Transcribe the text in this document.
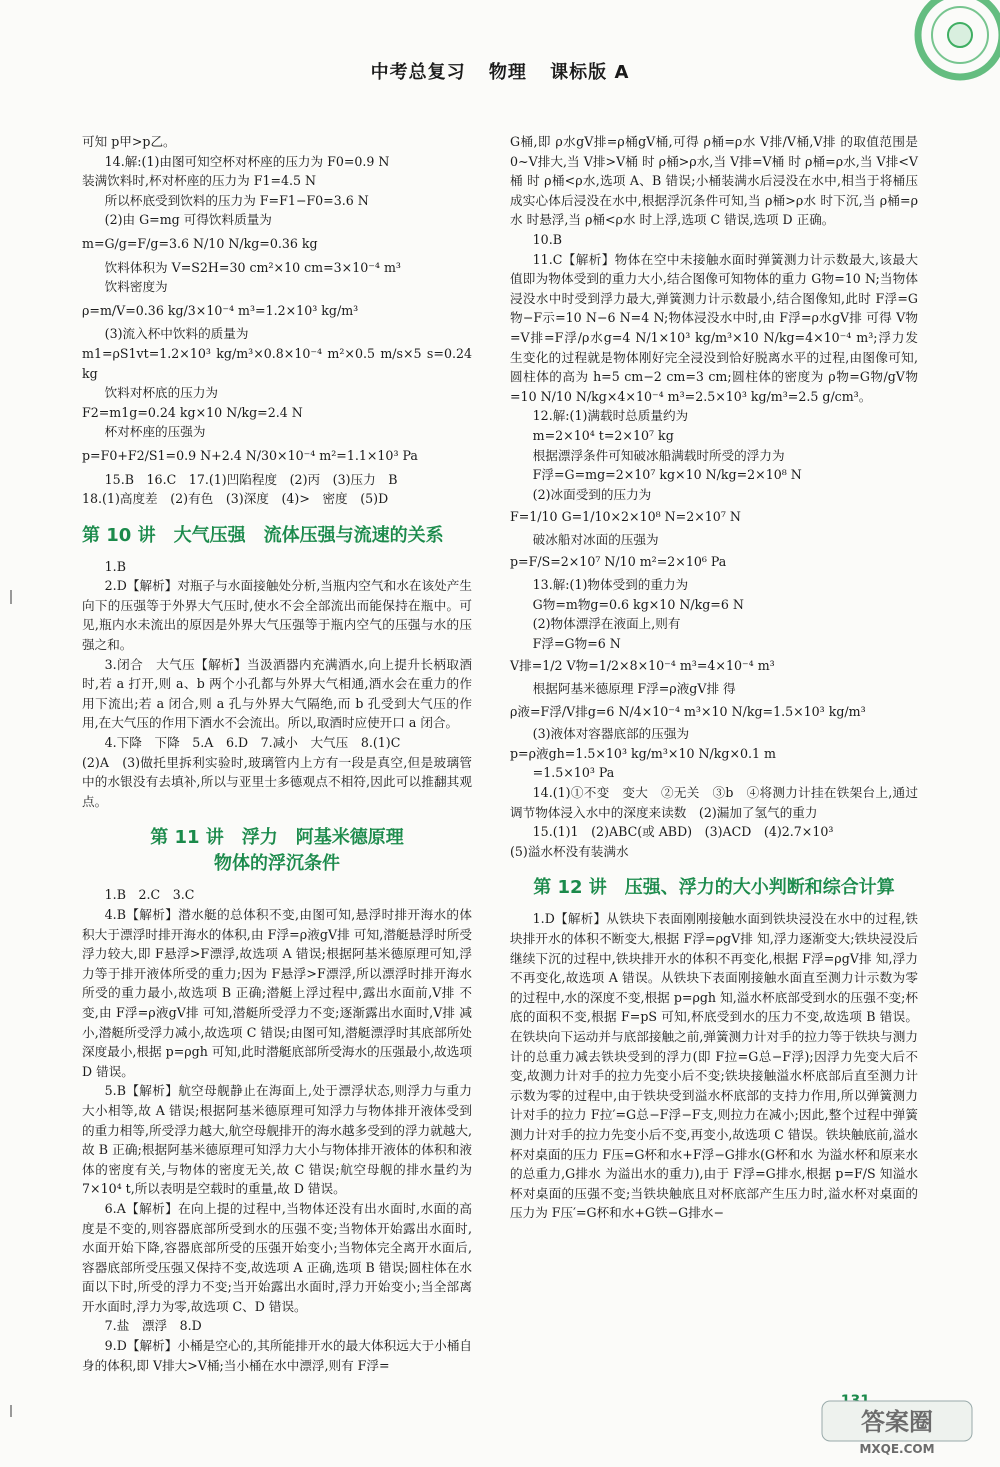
中考总复习 物理 课标版 A

可知 p甲>p乙。

14.解:(1)由图可知空杯对杯座的压力为 F0=0.9 N

装满饮料时,杯对杯座的压力为 F1=4.5 N

所以杯底受到饮料的压力为 F=F1−F0=3.6 N

(2)由 G=mg 可得饮料质量为

m=G/g=F/g=3.6 N/10 N/kg=0.36 kg

饮料体积为 V=S2H=30 cm²×10 cm=3×10⁻⁴ m³

饮料密度为

ρ=m/V=0.36 kg/3×10⁻⁴ m³=1.2×10³ kg/m³

(3)流入杯中饮料的质量为

m1=ρS1vt=1.2×10³ kg/m³×0.8×10⁻⁴ m²×0.5 m/s×5 s=0.24 kg

饮料对杯底的压力为

F2=m1g=0.24 kg×10 N/kg=2.4 N

杯对杯座的压强为

p=F0+F2/S1=0.9 N+2.4 N/30×10⁻⁴ m²=1.1×10³ Pa

15.B　16.C　17.(1)凹陷程度　(2)丙　(3)压力　B

18.(1)高度差　(2)有色　(3)深度　(4)>　密度　(5)D

第 10 讲　大气压强　流体压强与流速的关系

1.B

2.D【解析】对瓶子与水面接触处分析,当瓶内空气和水在该处产生向下的压强等于外界大气压时,使水不会全部流出而能保持在瓶中。可见,瓶内水未流出的原因是外界大气压强等于瓶内空气的压强与水的压强之和。

3.闭合　大气压【解析】当汲酒器内充满酒水,向上提升长柄取酒时,若 a 打开,则 a、b 两个小孔都与外界大气相通,酒水会在重力的作用下流出;若 a 闭合,则 a 孔与外界大气隔绝,而 b 孔受到大气压的作用,在大气压的作用下酒水不会流出。所以,取酒时应使开口 a 闭合。

4.下降　下降　5.A　6.D　7.减小　大气压　8.(1)C

(2)A　(3)做托里拆利实验时,玻璃管内上方有一段是真空,但是玻璃管中的水银没有去填补,所以与亚里士多德观点不相符,因此可以推翻其观点。

第 11 讲　浮力　阿基米德原理
物体的浮沉条件

1.B　2.C　3.C

4.B【解析】潜水艇的总体积不变,由图可知,悬浮时排开海水的体积大于漂浮时排开海水的体积,由 F浮=ρ液gV排 可知,潜艇悬浮时所受浮力较大,即 F悬浮>F漂浮,故选项 A 错误;根据阿基米德原理可知,浮力等于排开液体所受的重力;因为 F悬浮>F漂浮,所以漂浮时排开海水所受的重力最小,故选项 B 正确;潜艇上浮过程中,露出水面前,V排 不变,由 F浮=ρ液gV排 可知,潜艇所受浮力不变;逐渐露出水面时,V排 减小,潜艇所受浮力减小,故选项 C 错误;由图可知,潜艇漂浮时其底部所处深度最小,根据 p=ρgh 可知,此时潜艇底部所受海水的压强最小,故选项 D 错误。

5.B【解析】航空母舰静止在海面上,处于漂浮状态,则浮力与重力大小相等,故 A 错误;根据阿基米德原理可知浮力与物体排开液体受到的重力相等,所受浮力越大,航空母舰排开的海水越多受到的浮力就越大,故 B 正确;根据阿基米德原理可知浮力大小与物体排开液体的体积和液体的密度有关,与物体的密度无关,故 C 错误;航空母舰的排水量约为 7×10⁴ t,所以表明是空载时的重量,故 D 错误。

6.A【解析】在向上提的过程中,当物体还没有出水面时,水面的高度是不变的,则容器底部所受到水的压强不变;当物体开始露出水面时,水面开始下降,容器底部所受的压强开始变小;当物体完全离开水面后,容器底部所受压强又保持不变,故选项 A 正确,选项 B 错误;圆柱体在水面以下时,所受的浮力不变;当开始露出水面时,浮力开始变小;当全部离开水面时,浮力为零,故选项 C、D 错误。

7.盐　漂浮　8.D

9.D【解析】小桶是空心的,其所能排开水的最大体积远大于小桶自身的体积,即 V排大>V桶;当小桶在水中漂浮,则有 F浮=

G桶,即 ρ水gV排=ρ桶gV桶,可得 ρ桶=ρ水 V排/V桶,V排 的取值范围是 0~V排大,当 V排>V桶 时 ρ桶>ρ水,当 V排=V桶 时 ρ桶=ρ水,当 V排<V桶 时 ρ桶<ρ水,选项 A、B 错误;小桶装满水后浸没在水中,相当于将桶压成实心体后浸没在水中,根据浮沉条件可知,当 ρ桶>ρ水 时下沉,当 ρ桶=ρ水 时悬浮,当 ρ桶<ρ水 时上浮,选项 C 错误,选项 D 正确。

10.B

11.C【解析】物体在空中未接触水面时弹簧测力计示数最大,该最大值即为物体受到的重力大小,结合图像可知物体的重力 G物=10 N;当物体浸没水中时受到浮力最大,弹簧测力计示数最小,结合图像知,此时 F浮=G物−F示=10 N−6 N=4 N;物体浸没水中时,由 F浮=ρ水gV排 可得 V物=V排=F浮/ρ水g=4 N/1×10³ kg/m³×10 N/kg=4×10⁻⁴ m³;浮力发生变化的过程就是物体刚好完全浸没到恰好脱离水平的过程,由图像可知,圆柱体的高为 h=5 cm−2 cm=3 cm;圆柱体的密度为 ρ物=G物/gV物=10 N/10 N/kg×4×10⁻⁴ m³=2.5×10³ kg/m³=2.5 g/cm³。

12.解:(1)满载时总质量约为

m=2×10⁴ t=2×10⁷ kg

根据漂浮条件可知破冰船满载时所受的浮力为

F浮=G=mg=2×10⁷ kg×10 N/kg=2×10⁸ N

(2)冰面受到的压力为

F=1/10 G=1/10×2×10⁸ N=2×10⁷ N

破冰船对冰面的压强为

p=F/S=2×10⁷ N/10 m²=2×10⁶ Pa

13.解:(1)物体受到的重力为

G物=m物g=0.6 kg×10 N/kg=6 N

(2)物体漂浮在液面上,则有

F浮=G物=6 N

V排=1/2 V物=1/2×8×10⁻⁴ m³=4×10⁻⁴ m³

根据阿基米德原理 F浮=ρ液gV排 得

ρ液=F浮/V排g=6 N/4×10⁻⁴ m³×10 N/kg=1.5×10³ kg/m³

(3)液体对容器底部的压强为

p=ρ液gh=1.5×10³ kg/m³×10 N/kg×0.1 m

=1.5×10³ Pa

14.(1)①不变　变大　②无关　③b　④将测力计挂在铁架台上,通过调节物体浸入水中的深度来读数　(2)漏加了氢气的重力

15.(1)1　(2)ABC(或 ABD)　(3)ACD　(4)2.7×10³

(5)溢水杯没有装满水

第 12 讲　压强、浮力的大小判断和综合计算

1.D【解析】从铁块下表面刚刚接触水面到铁块浸没在水中的过程,铁块排开水的体积不断变大,根据 F浮=ρgV排 知,浮力逐渐变大;铁块浸没后继续下沉的过程中,铁块排开水的体积不再变化,根据 F浮=ρgV排 知,浮力不再变化,故选项 A 错误。从铁块下表面刚接触水面直至测力计示数为零的过程中,水的深度不变,根据 p=ρgh 知,溢水杯底部受到水的压强不变;杯底的面积不变,根据 F=pS 可知,杯底受到水的压力不变,故选项 B 错误。在铁块向下运动并与底部接触之前,弹簧测力计对手的拉力等于铁块与测力计的总重力减去铁块受到的浮力(即 F拉=G总−F浮);因浮力先变大后不变,故测力计对手的拉力先变小后不变;铁块接触溢水杯底部后直至测力计示数为零的过程中,由于铁块受到溢水杯底部的支持力作用,所以弹簧测力计对手的拉力 F拉′=G总−F浮−F支,则拉力在减小;因此,整个过程中弹簧测力计对手的拉力先变小后不变,再变小,故选项 C 错误。铁块触底前,溢水杯对桌面的压力 F压=G杯和水+F浮−G排水(G杯和水 为溢水杯和原来水的总重力,G排水 为溢出水的重力),由于 F浮=G排水,根据 p=F/S 知溢水杯对桌面的压强不变;当铁块触底且对杯底部产生压力时,溢水杯对桌面的压力为 F压′=G杯和水+G铁−G排水−

答案圈
MXQE.COM
